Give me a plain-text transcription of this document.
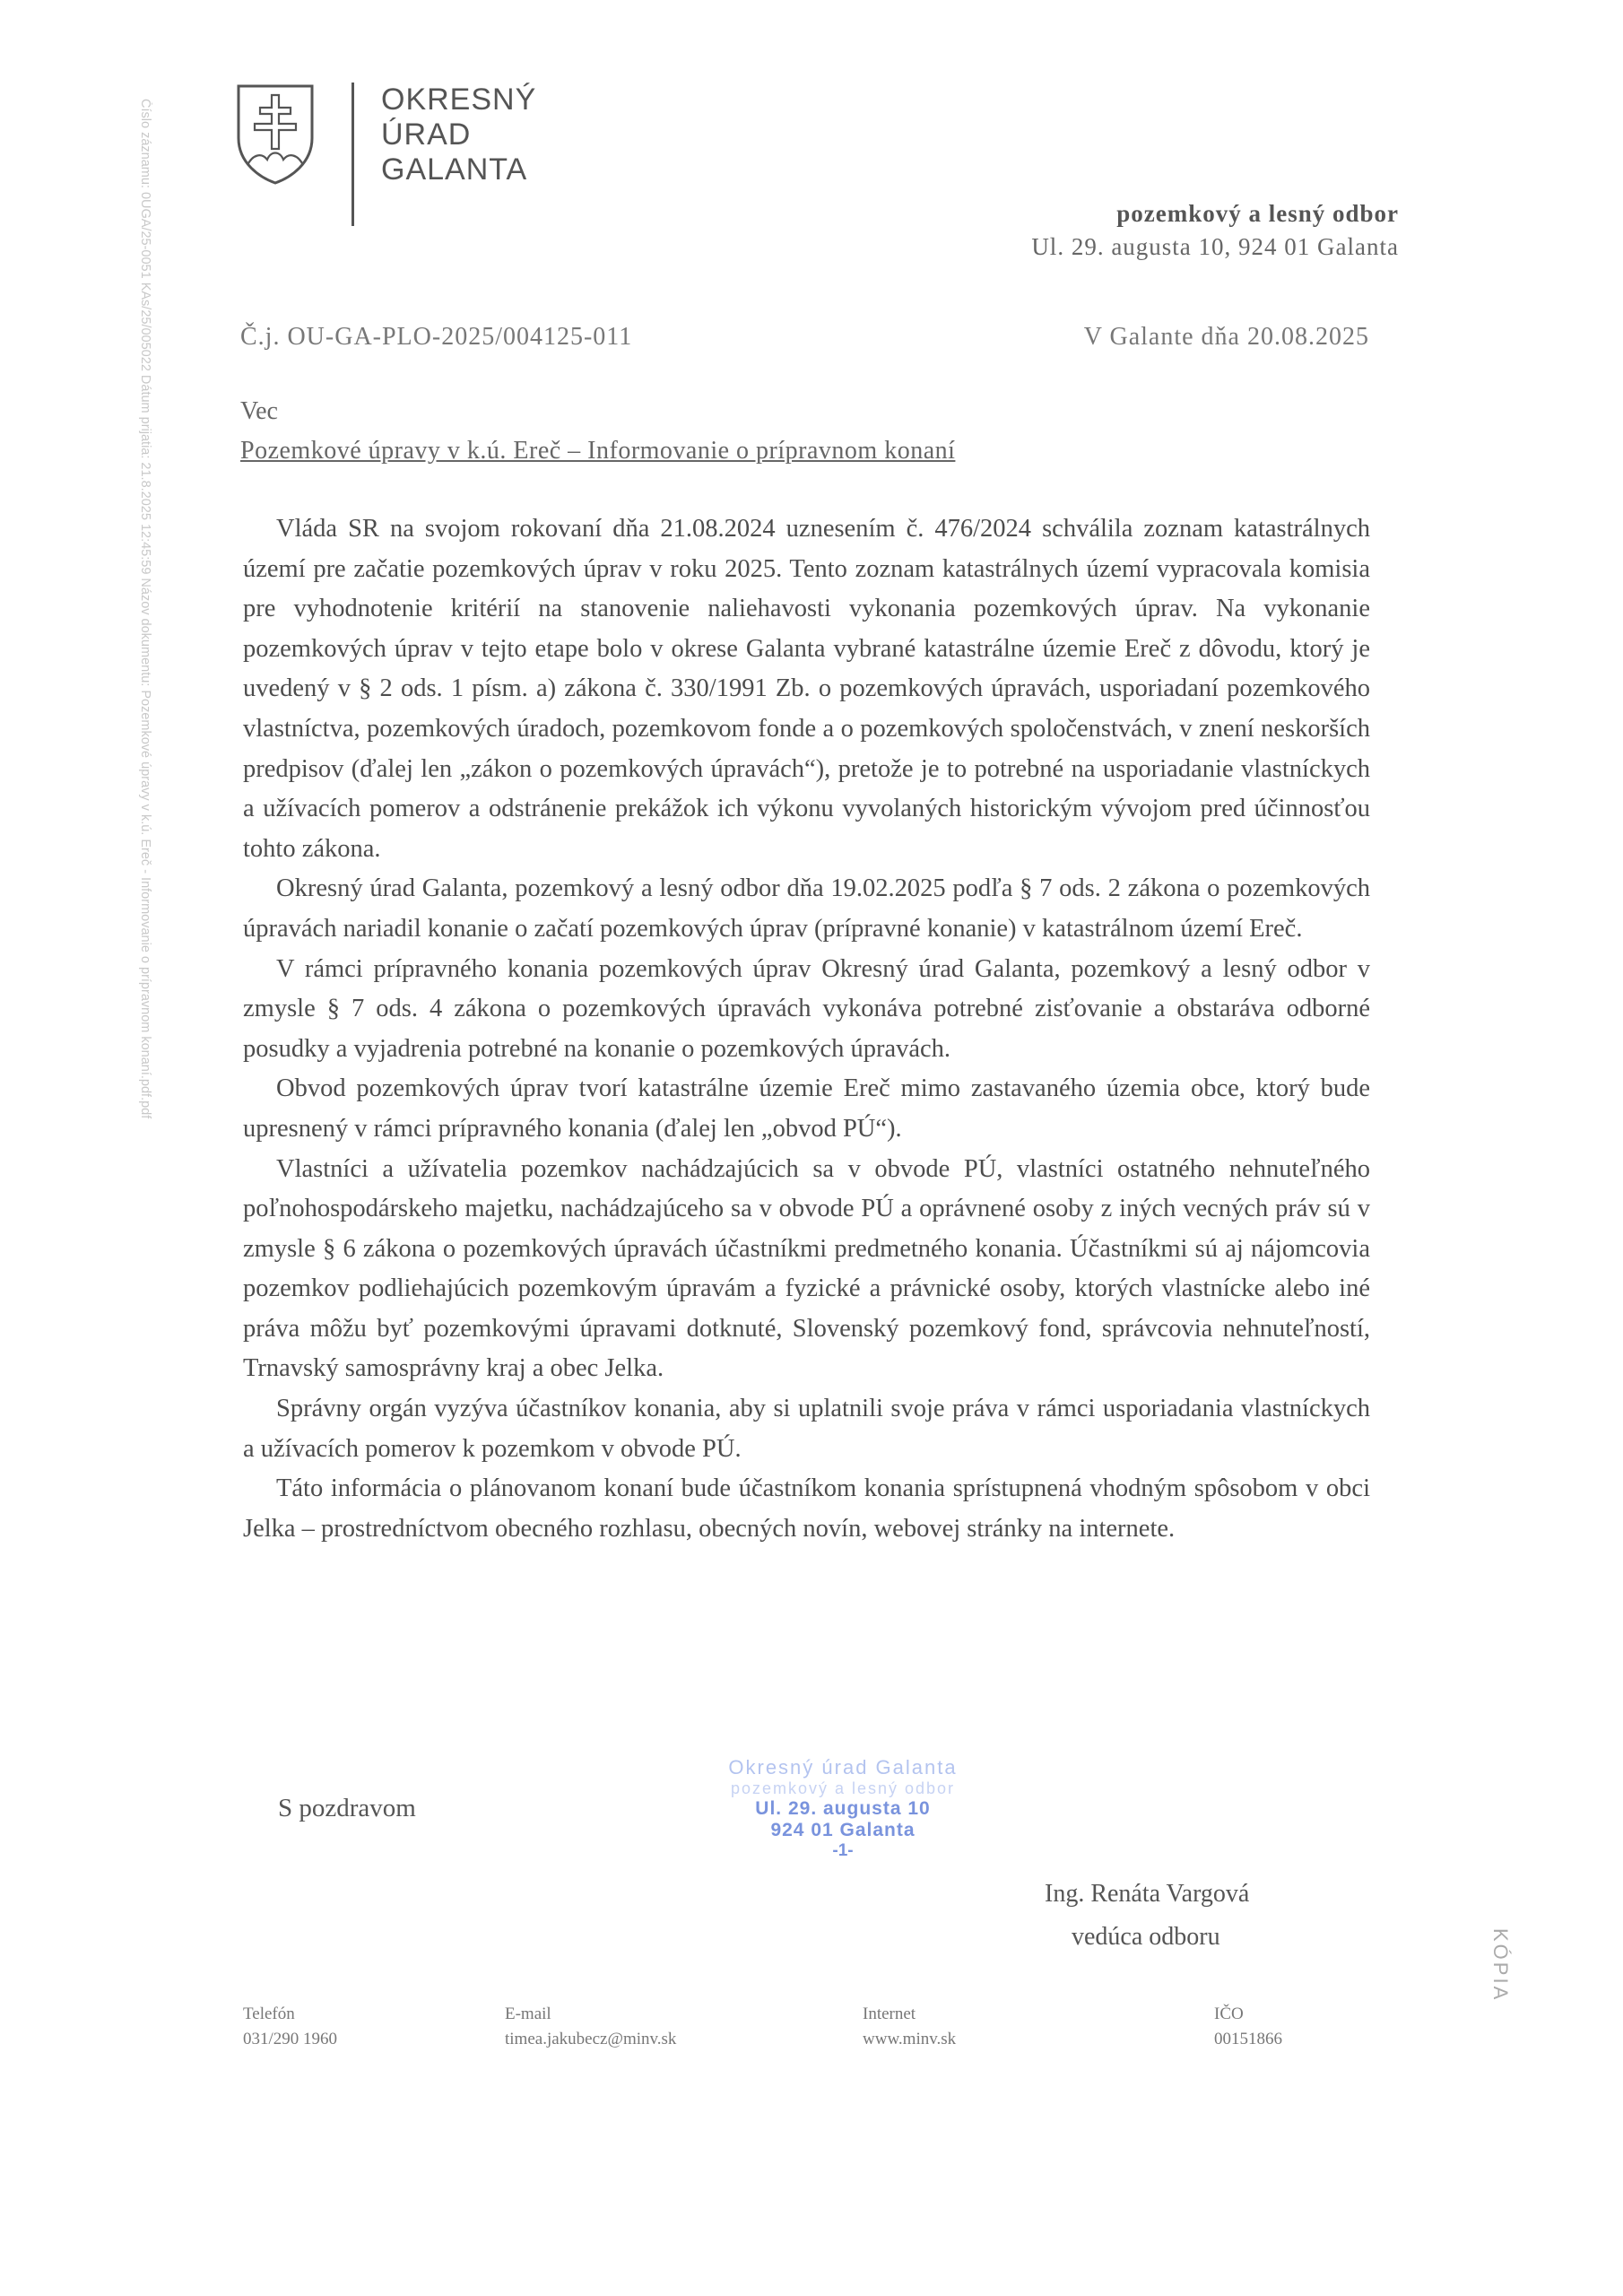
OKRESNÝ
ÚRAD
GALANTA
pozemkový a lesný odbor
Ul. 29. augusta 10, 924 01 Galanta
Č.j. OU-GA-PLO-2025/004125-011	V Galante dňa 20.08.2025
Vec
Pozemkové úpravy v k.ú. Ereč – Informovanie o prípravnom konaní

Vláda SR na svojom rokovaní dňa 21.08.2024 uznesením č. 476/2024 schválila zoznam katastrálnych území pre začatie pozemkových úprav v roku 2025. Tento zoznam katastrálnych území vypracovala komisia pre vyhodnotenie kritérií na stanovenie naliehavosti vykonania pozemkových úprav. Na vykonanie pozemkových úprav v tejto etape bolo v okrese Galanta vybrané katastrálne územie Ereč z dôvodu, ktorý je uvedený v § 2 ods. 1 písm. a) zákona č. 330/1991 Zb. o pozemkových úpravách, usporiadaní pozemkového vlastníctva, pozemkových úradoch, pozemkovom fonde a o pozemkových spoločenstvách, v znení neskorších predpisov (ďalej len „zákon o pozemkových úpravách“), pretože je to potrebné na usporiadanie vlastníckych a užívacích pomerov a odstránenie prekážok ich výkonu vyvolaných historickým vývojom pred účinnosťou tohto zákona.

Okresný úrad Galanta, pozemkový a lesný odbor dňa 19.02.2025 podľa § 7 ods. 2 zákona o pozemkových úpravách nariadil konanie o začatí pozemkových úprav (prípravné konanie) v katastrálnom území Ereč.

V rámci prípravného konania pozemkových úprav Okresný úrad Galanta, pozemkový a lesný odbor v zmysle § 7 ods. 4 zákona o pozemkových úpravách vykonáva potrebné zisťovanie a obstaráva odborné posudky a vyjadrenia potrebné na konanie o pozemkových úpravách.

Obvod pozemkových úprav tvorí katastrálne územie Ereč mimo zastavaného územia obce, ktorý bude upresnený v rámci prípravného konania (ďalej len „obvod PÚ“).

Vlastníci a užívatelia pozemkov nachádzajúcich sa v obvode PÚ, vlastníci ostatného nehnuteľného poľnohospodárskeho majetku, nachádzajúceho sa v obvode PÚ a oprávnené osoby z iných vecných práv sú v zmysle § 6 zákona o pozemkových úpravách účastníkmi predmetného konania. Účastníkmi sú aj nájomcovia pozemkov podliehajúcich pozemkovým úpravám a fyzické a právnické osoby, ktorých vlastnícke alebo iné práva môžu byť pozemkovými úpravami dotknuté, Slovenský pozemkový fond, správcovia nehnuteľností, Trnavský samosprávny kraj a obec Jelka.

Správny orgán vyzýva účastníkov konania, aby si uplatnili svoje práva v rámci usporiadania vlastníckych a užívacích pomerov k pozemkom v obvode PÚ.

Táto informácia o plánovanom konaní bude účastníkom konania sprístupnená vhodným spôsobom v obci Jelka – prostredníctvom obecného rozhlasu, obecných novín, webovej stránky na internete.

S pozdravom
Okresný úrad Galanta
pozemkový a lesný odbor
Ul. 29. augusta 10
924 01 Galanta
-1-
Ing. Renáta Vargová
vedúca odboru	KÓPIA
Číslo záznamu: 0UGA/25-0051 KAs/25/005022 Dátum prijatia: 21.8.2025 12:45:59 Názov dokumentu: Pozemkové úpravy v k.ú. Ereč - Informovanie o prípravnom konaní.pdf.pdf
Telefón
031/290 1960
E-mail
timea.jakubecz@minv.sk
Internet
www.minv.sk
IČO
00151866
